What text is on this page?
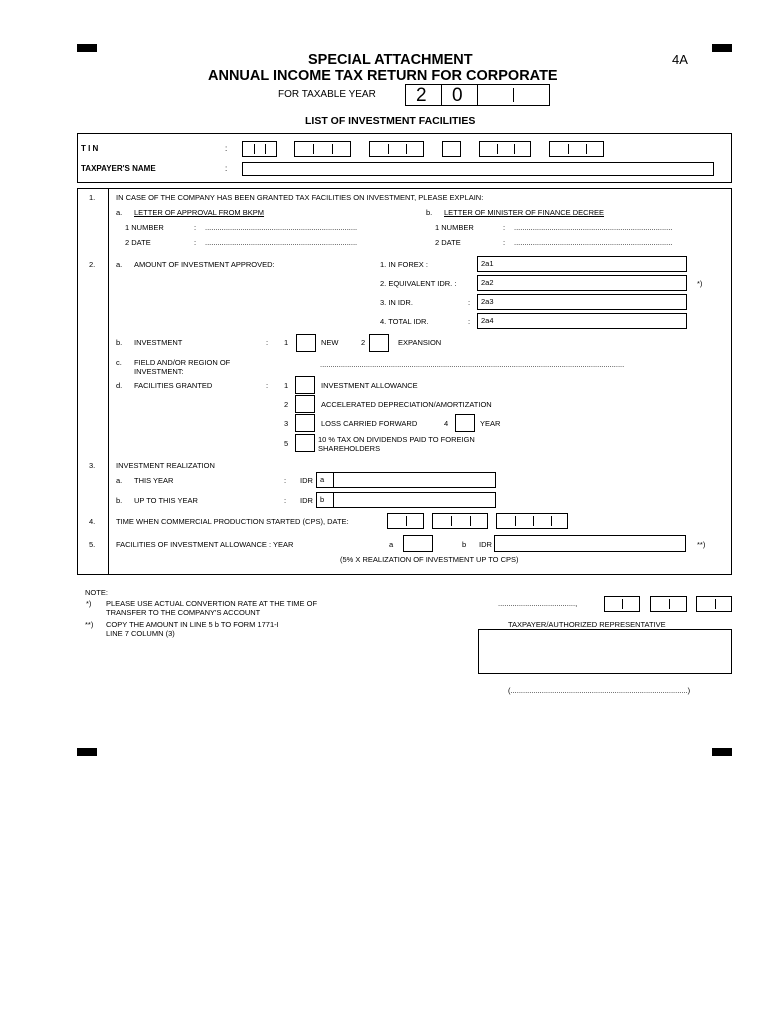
SPECIAL ATTACHMENT
ANNUAL INCOME TAX RETURN FOR CORPORATE
4A
FOR TAXABLE YEAR 2 0
LIST OF INVESTMENT FACILITIES
T I N	:
TAXPAYER'S NAME	:
1.	IN CASE OF THE COMPANY HAS BEEN GRANTED TAX FACILITIES ON INVESTMENT, PLEASE EXPLAIN:
a. LETTER OF APPROVAL FROM BKPM	b. LETTER OF MINISTER OF FINANCE DECREE
1 NUMBER	: .........................................................................
2 DATE	: .........................................................................
1 NUMBER	: ............................................................................
2 DATE	: ............................................................................
2.	a. AMOUNT OF INVESTMENT APPROVED:	1. IN FOREX :	2a1
2. EQUIVALENT IDR. :	2a2	*)
3. IN IDR.	:	2a3
4. TOTAL IDR.	:	2a4
b. INVESTMENT	: 1	NEW	2	EXPANSION
c. FIELD AND/OR REGION OF
INVESTMENT:
..................................................................................................................................................
d. FACILITIES GRANTED	: 1	INVESTMENT ALLOWANCE
2	ACCELERATED DEPRECIATION/AMORTIZATION
3	LOSS CARRIED FORWARD	4	YEAR
5	10 % TAX ON DIVIDENDS PAID TO FOREIGN
SHAREHOLDERS
3.	INVESTMENT REALIZATION
a. THIS YEAR	: IDR a
b. UP TO THIS YEAR	: IDR b
4.	TIME WHEN COMMERCIAL PRODUCTION STARTED (CPS), DATE:
5.	FACILITIES OF INVESTMENT ALLOWANCE : YEAR	a	b IDR	**)
(5% X REALIZATION OF INVESTMENT UP TO CPS)
NOTE:
*) PLEASE USE ACTUAL CONVERTION RATE AT THE TIME OF
TRANSFER TO THE COMPANY'S ACCOUNT
**) COPY THE AMOUNT IN LINE 5 b TO FORM 1771-I
LINE 7 COLUMN (3)
.....................................,
TAXPAYER/AUTHORIZED REPRESENTATIVE
(.....................................................................................)
